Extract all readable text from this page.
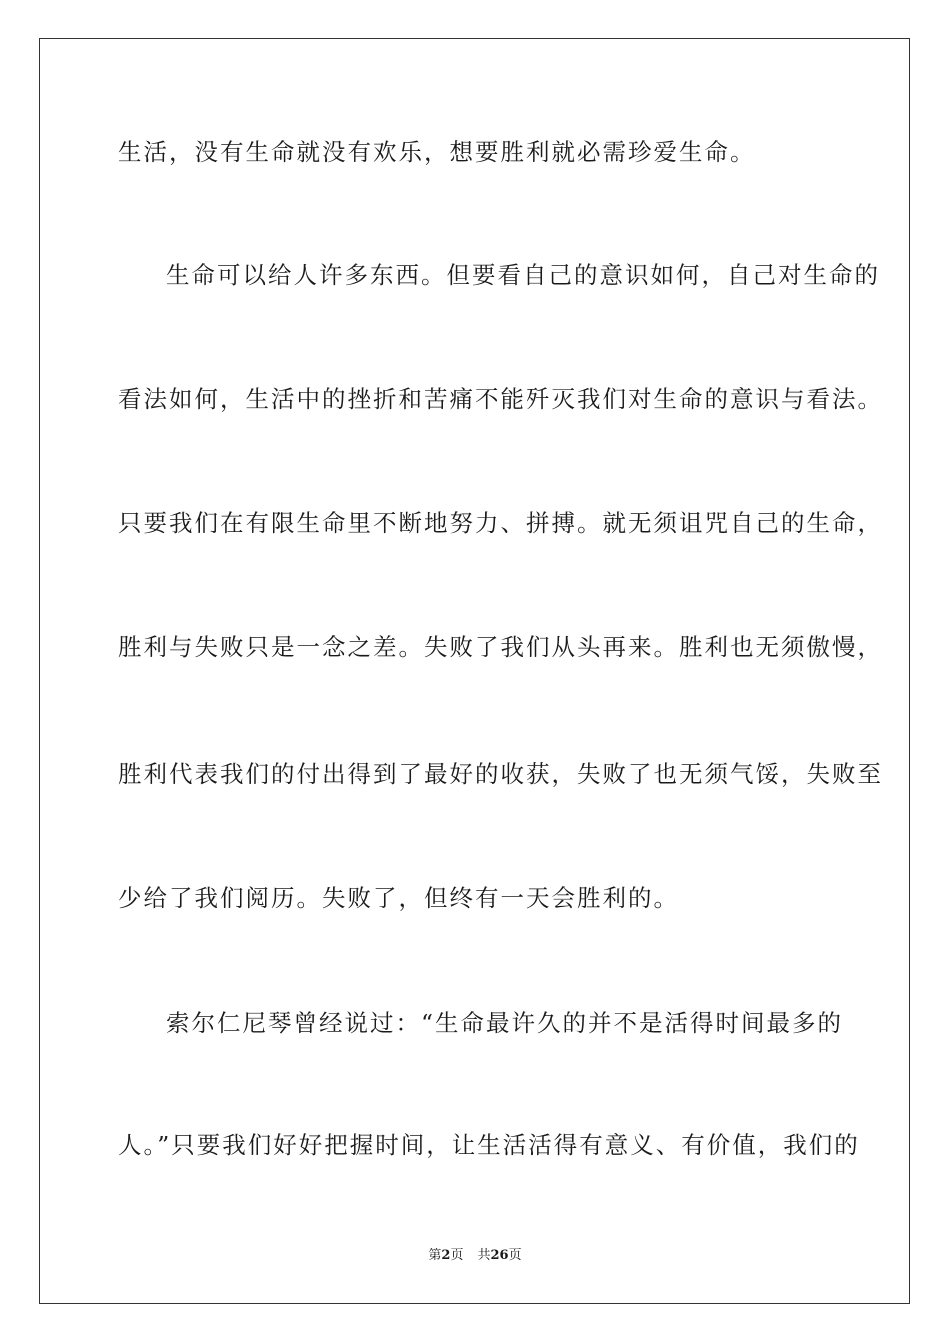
生活，没有生命就没有欢乐，想要胜利就必需珍爱生命。
生命可以给人许多东西。但要看自己的意识如何，自己对生命的
看法如何，生活中的挫折和苦痛不能歼灭我们对生命的意识与看法。
只要我们在有限生命里不断地努力、拼搏。就无须诅咒自己的生命，
胜利与失败只是一念之差。失败了我们从头再来。胜利也无须傲慢，
胜利代表我们的付出得到了最好的收获，失败了也无须气馁，失败至
少给了我们阅历。失败了，但终有一天会胜利的。
索尔仁尼琴曾经说过：“生命最许久的并不是活得时间最多的
人。”只要我们好好把握时间，让生活活得有意义、有价值，我们的
第2页 共26页
